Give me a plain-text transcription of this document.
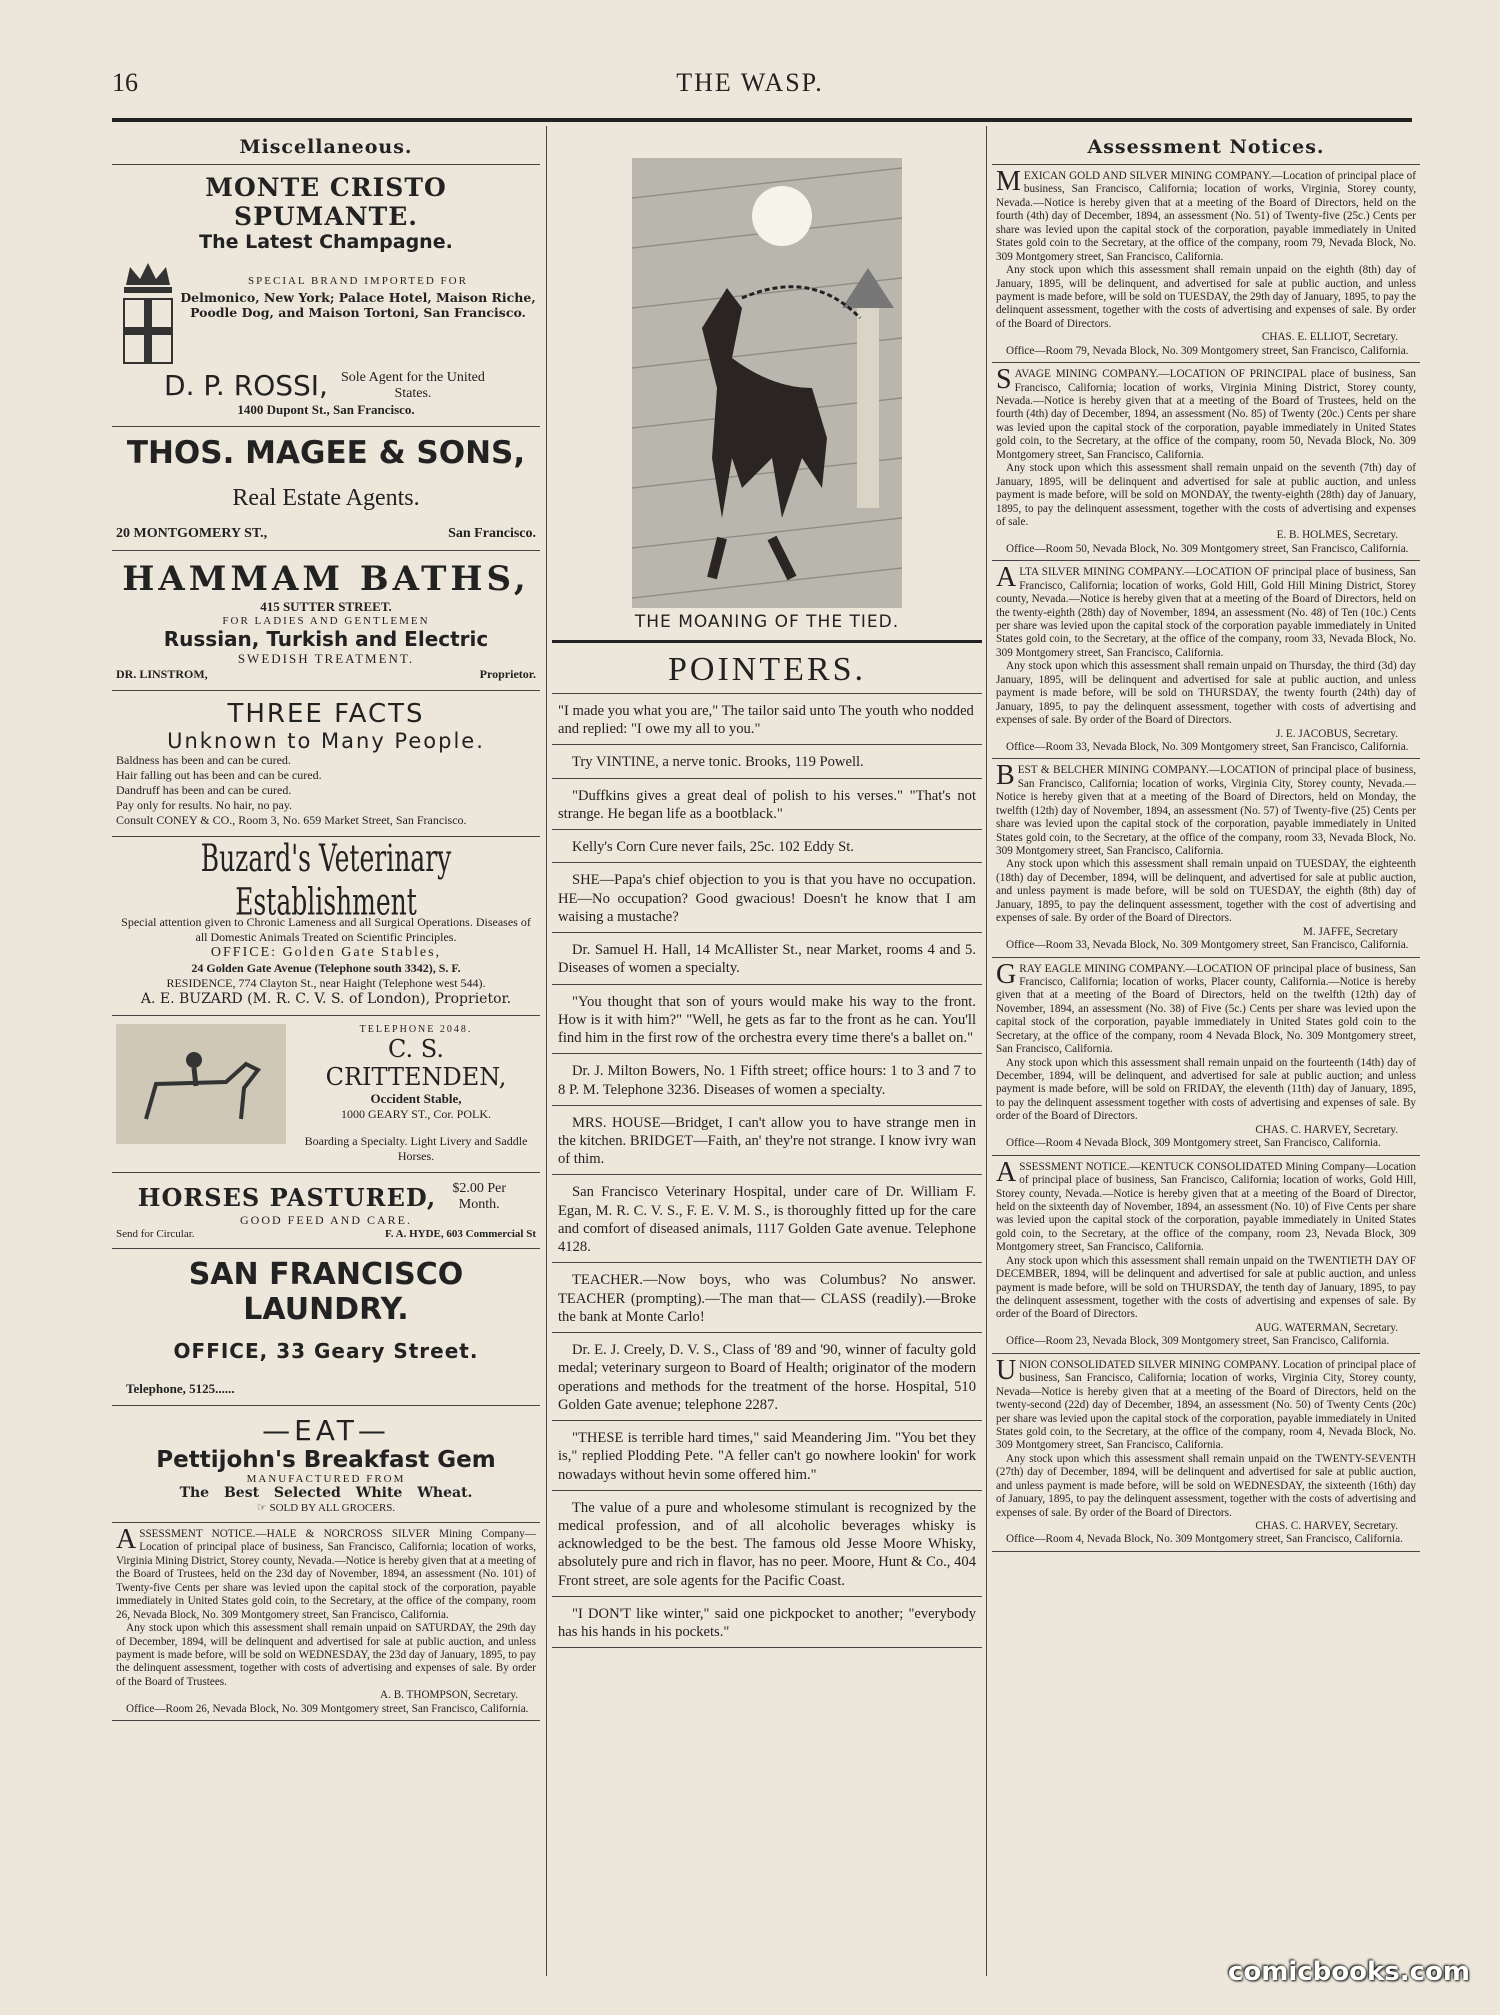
16	THE WASP.
Miscellaneous.
MONTE CRISTO SPUMANTE.
The Latest Champagne.
SPECIAL BRAND IMPORTED FOR
Delmonico, New York; Palace Hotel, Maison Riche, Poodle Dog, and Maison Tortoni, San Francisco.
D. P. ROSSI, Sole Agent for the United States.
1400 Dupont St., San Francisco.
THOS. MAGEE & SONS,
Real Estate Agents.
20 MONTGOMERY ST.,	San Francisco.
HAMMAM BATHS,
415 SUTTER STREET.
FOR LADIES AND GENTLEMEN
Russian, Turkish and Electric
SWEDISH TREATMENT.
DR. LINSTROM,	Proprietor.
THREE FACTS
Unknown to Many People.
Baldness has been and can be cured.
Hair falling out has been and can be cured.
Dandruff has been and can be cured.
Pay only for results. No hair, no pay.
Consult CONEY & CO., Room 3, No. 659 Market Street, San Francisco.
Buzard's Veterinary Establishment
Special attention given to Chronic Lameness and all Surgical Operations. Diseases of all Domestic Animals Treated on Scientific Principles.
OFFICE: Golden Gate Stables,
24 Golden Gate Avenue (Telephone south 3342), S. F.
RESIDENCE, 774 Clayton St., near Haight (Telephone west 544).
A. E. BUZARD (M. R. C. V. S. of London), Proprietor.
TELEPHONE 2048.
C. S. CRITTENDEN,
Occident Stable,
1000 GEARY ST., Cor. POLK.
Boarding a Specialty. Light Livery and Saddle Horses.
HORSES PASTURED,	$2.00 Per Month.
GOOD FEED AND CARE.
Send for Circular.	F. A. HYDE, 603 Commercial St
SAN FRANCISCO LAUNDRY.
OFFICE, 33 Geary Street.
Telephone, 5125......
—EAT—
Pettijohn's Breakfast Gem
MANUFACTURED FROM
The Best Selected White Wheat.
☞ SOLD BY ALL GROCERS.
A SSESSMENT NOTICE.—HALE & NORCROSS SILVER Mining Company—Location of principal place of business, San Francisco, California; location of works, Virginia Mining District, Storey county, Nevada.—Notice is hereby given that at a meeting of the Board of Trustees, held on the 23d day of November, 1894, an assessment (No. 101) of Twenty-five Cents per share was levied upon the capital stock of the corporation, payable immediately in United States gold coin, to the Secretary, at the office of the company, room 26, Nevada Block, No. 309 Montgomery street, San Francisco, California.

Any stock upon which this assessment shall remain unpaid on SATURDAY, the 29th day of December, 1894, will be delinquent and advertised for sale at public auction, and unless payment is made before, will be sold on WEDNESDAY, the 23d day of January, 1895, to pay the delinquent assessment, together with costs of advertising and expenses of sale. By order of the Board of Trustees.

A. B. THOMPSON, Secretary.

Office—Room 26, Nevada Block, No. 309 Montgomery street, San Francisco, California.

THE MOANING OF THE TIED.
POINTERS.

"I made you what you are," The tailor said unto The youth who nodded and replied: "I owe my all to you."

Try VINTINE, a nerve tonic. Brooks, 119 Powell.

"Duffkins gives a great deal of polish to his verses." "That's not strange. He began life as a bootblack."

Kelly's Corn Cure never fails, 25c. 102 Eddy St.

SHE—Papa's chief objection to you is that you have no occupation. HE—No occupation? Good gwacious! Doesn't he know that I am waising a mustache?

Dr. Samuel H. Hall, 14 McAllister St., near Market, rooms 4 and 5. Diseases of women a specialty.

"You thought that son of yours would make his way to the front. How is it with him?" "Well, he gets as far to the front as he can. You'll find him in the first row of the orchestra every time there's a ballet on."

Dr. J. Milton Bowers, No. 1 Fifth street; office hours: 1 to 3 and 7 to 8 P. M. Telephone 3236. Diseases of women a specialty.

MRS. HOUSE—Bridget, I can't allow you to have strange men in the kitchen. BRIDGET—Faith, an' they're not strange. I know ivry wan of thim.

San Francisco Veterinary Hospital, under care of Dr. William F. Egan, M. R. C. V. S., F. E. V. M. S., is thoroughly fitted up for the care and comfort of diseased animals, 1117 Golden Gate avenue. Telephone 4128.

TEACHER.—Now boys, who was Columbus? No answer. TEACHER (prompting).—The man that— CLASS (readily).—Broke the bank at Monte Carlo!

Dr. E. J. Creely, D. V. S., Class of '89 and '90, winner of faculty gold medal; veterinary surgeon to Board of Health; originator of the modern operations and methods for the treatment of the horse. Hospital, 510 Golden Gate avenue; telephone 2287.

"THESE is terrible hard times," said Meandering Jim. "You bet they is," replied Plodding Pete. "A feller can't go nowhere lookin' for work nowadays without hevin some offered him."

The value of a pure and wholesome stimulant is recognized by the medical profession, and of all alcoholic beverages whisky is acknowledged to be the best. The famous old Jesse Moore Whisky, absolutely pure and rich in flavor, has no peer. Moore, Hunt & Co., 404 Front street, are sole agents for the Pacific Coast.

"I DON'T like winter," said one pickpocket to another; "everybody has his hands in his pockets."

Assessment Notices.
MEXICAN GOLD AND SILVER MINING COMPANY.—Location of principal place of business, San Francisco, California; location of works, Virginia, Storey county, Nevada.—Notice is hereby given that at a meeting of the Board of Directors, held on the fourth (4th) day of December, 1894, an assessment (No. 51) of Twenty-five (25c.) Cents per share was levied upon the capital stock of the corporation, payable immediately in United States gold coin to the Secretary, at the office of the company, room 79, Nevada Block, No. 309 Montgomery street, San Francisco, California.

Any stock upon which this assessment shall remain unpaid on the eighth (8th) day of January, 1895, will be delinquent, and advertised for sale at public auction, and unless payment is made before, will be sold on TUESDAY, the 29th day of January, 1895, to pay the delinquent assessment, together with the costs of advertising and expenses of sale. By order of the Board of Directors.

CHAS. E. ELLIOT, Secretary.

Office—Room 79, Nevada Block, No. 309 Montgomery street, San Francisco, California.

SAVAGE MINING COMPANY.—LOCATION OF PRINCIPAL place of business, San Francisco, California; location of works, Virginia Mining District, Storey county, Nevada.—Notice is hereby given that at a meeting of the Board of Trustees, held on the fourth (4th) day of December, 1894, an assessment (No. 85) of Twenty (20c.) Cents per share was levied upon the capital stock of the corporation, payable immediately in United States gold coin, to the Secretary, at the office of the company, room 50, Nevada Block, No. 309 Montgomery street, San Francisco, California.

Any stock upon which this assessment shall remain unpaid on the seventh (7th) day of January, 1895, will be delinquent and advertised for sale at public auction, and unless payment is made before, will be sold on MONDAY, the twenty-eighth (28th) day of January, 1895, to pay the delinquent assessment, together with the costs of advertising and expenses of sale.

E. B. HOLMES, Secretary.

Office—Room 50, Nevada Block, No. 309 Montgomery street, San Francisco, California.

ALTA SILVER MINING COMPANY.—LOCATION OF principal place of business, San Francisco, California; location of works, Gold Hill, Gold Hill Mining District, Storey county, Nevada.—Notice is hereby given that at a meeting of the Board of Directors, held on the twenty-eighth (28th) day of November, 1894, an assessment (No. 48) of Ten (10c.) Cents per share was levied upon the capital stock of the corporation payable immediately in United States gold coin, to the Secretary, at the office of the company, room 33, Nevada Block, No. 309 Montgomery street, San Francisco, California.

Any stock upon which this assessment shall remain unpaid on Thursday, the third (3d) day January, 1895, will be delinquent and advertised for sale at public auction, and unless payment is made before, will be sold on THURSDAY, the twenty fourth (24th) day of January, 1895, to pay the delinquent assessment, together with costs of advertising and expenses of sale. By order of the Board of Directors.

J. E. JACOBUS, Secretary.

Office—Room 33, Nevada Block, No. 309 Montgomery street, San Francisco, California.

BEST & BELCHER MINING COMPANY.—LOCATION of principal place of business, San Francisco, California; location of works, Virginia City, Storey county, Nevada.—Notice is hereby given that at a meeting of the Board of Directors, held on Monday, the twelfth (12th) day of November, 1894, an assessment (No. 57) of Twenty-five (25) Cents per share was levied upon the capital stock of the corporation, payable immediately in United States gold coin, to the Secretary, at the office of the company, room 33, Nevada Block, No. 309 Montgomery street, San Francisco, California.

Any stock upon which this assessment shall remain unpaid on TUESDAY, the eighteenth (18th) day of December, 1894, will be delinquent, and advertised for sale at public auction, and unless payment is made before, will be sold on TUESDAY, the eighth (8th) day of January, 1895, to pay the delinquent assessment, together with the cost of advertising and expenses of sale. By order of the Board of Directors.

M. JAFFE, Secretary

Office—Room 33, Nevada Block, No. 309 Montgomery street, San Francisco, California.

GRAY EAGLE MINING COMPANY.—LOCATION OF principal place of business, San Francisco, California; location of works, Placer county, California.—Notice is hereby given that at a meeting of the Board of Directors, held on the twelfth (12th) day of November, 1894, an assessment (No. 38) of Five (5c.) Cents per share was levied upon the capital stock of the corporation, payable immediately in United States gold coin to the Secretary, at the office of the company, room 4 Nevada Block, No. 309 Montgomery street, San Francisco, California.

Any stock upon which this assessment shall remain unpaid on the fourteenth (14th) day of December, 1894, will be delinquent, and advertised for sale at public auction; and unless payment is made before, will be sold on FRIDAY, the eleventh (11th) day of January, 1895, to pay the delinquent assessment together with costs of advertising and expenses of sale. By order of the Board of Directors.

CHAS. C. HARVEY, Secretary.

Office—Room 4 Nevada Block, 309 Montgomery street, San Francisco, California.

ASSESSMENT NOTICE.—KENTUCK CONSOLIDATED Mining Company—Location of principal place of business, San Francisco, California; location of works, Gold Hill, Storey county, Nevada.—Notice is hereby given that at a meeting of the Board of Director, held on the sixteenth day of November, 1894, an assessment (No. 10) of Five Cents per share was levied upon the capital stock of the corporation, payable immediately in United States gold coin, to the Secretary, at the office of the company, room 23, Nevada Block, 309 Montgomery street, San Francisco, California.

Any stock upon which this assessment shall remain unpaid on the TWENTIETH DAY OF DECEMBER, 1894, will be delinquent and advertised for sale at public auction, and unless payment is made before, will be sold on THURSDAY, the tenth day of January, 1895, to pay the delinquent assessment, together with the costs of advertising and expenses of sale. By order of the Board of Directors.

AUG. WATERMAN, Secretary.

Office—Room 23, Nevada Block, 309 Montgomery street, San Francisco, California.

UNION CONSOLIDATED SILVER MINING COMPANY. Location of principal place of business, San Francisco, California; location of works, Virginia City, Storey county, Nevada—Notice is hereby given that at a meeting of the Board of Directors, held on the twenty-second (22d) day of December, 1894, an assessment (No. 50) of Twenty Cents (20c) per share was levied upon the capital stock of the corporation, payable immediately in United States gold coin, to the Secretary, at the office of the company, room 4, Nevada Block, No. 309 Montgomery street, San Francisco, California.

Any stock upon which this assessment shall remain unpaid on the TWENTY-SEVENTH (27th) day of December, 1894, will be delinquent and advertised for sale at public auction, and unless payment is made before, will be sold on WEDNESDAY, the sixteenth (16th) day of January, 1895, to pay the delinquent assessment, together with the costs of advertising and expenses of sale. By order of the Board of Directors.

CHAS. C. HARVEY, Secretary.

Office—Room 4, Nevada Block, No. 309 Montgomery street, San Francisco, California.

comicbooks.com
